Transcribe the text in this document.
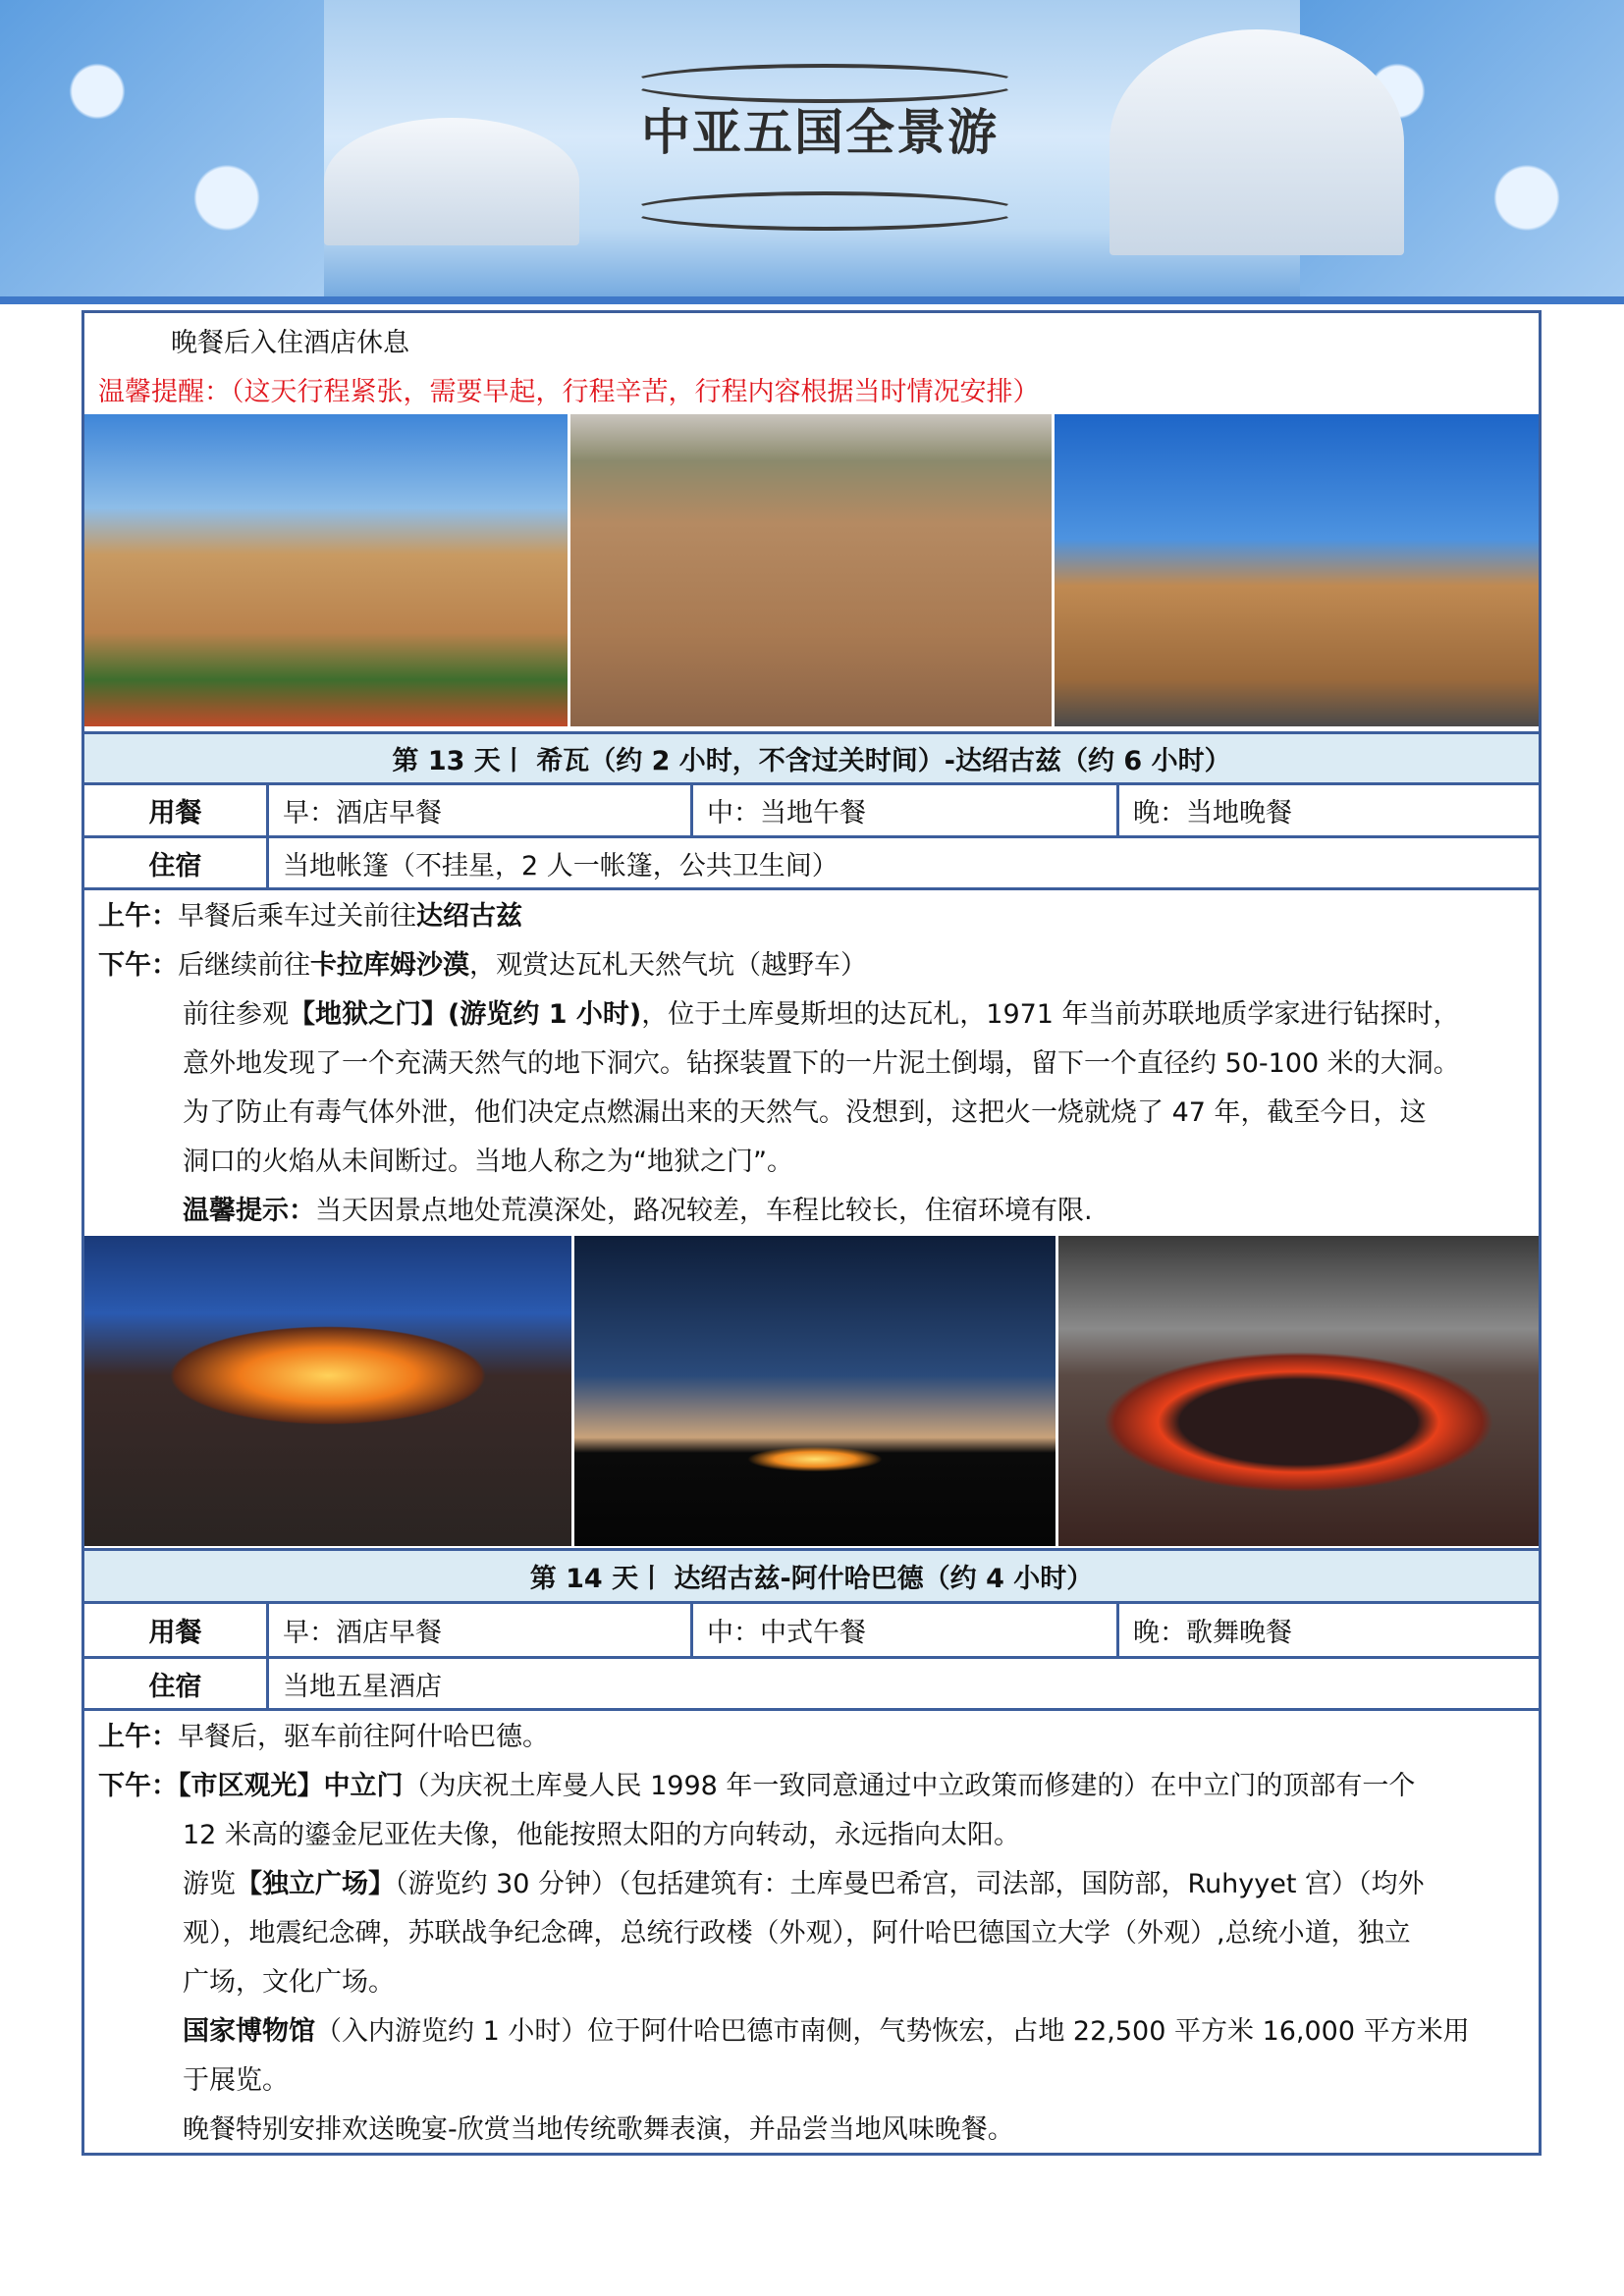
中亚五国全景游
晚餐后入住酒店休息
温馨提醒：（这天行程紧张，需要早起，行程辛苦，行程内容根据当时情况安排）
第 13 天丨 希瓦（约 2 小时，不含过关时间）-达绍古兹（约 6 小时）
用餐	早：酒店早餐	中：当地午餐	晚：当地晚餐
住宿	当地帐篷（不挂星，2 人一帐篷，公共卫生间）
上午：早餐后乘车过关前往达绍古兹
下午：后继续前往卡拉库姆沙漠，观赏达瓦札天然气坑（越野车）
前往参观【地狱之门】(游览约 1 小时)，位于土库曼斯坦的达瓦札，1971 年当前苏联地质学家进行钻探时，
意外地发现了一个充满天然气的地下洞穴。钻探装置下的一片泥土倒塌，留下一个直径约 50-100 米的大洞。
为了防止有毒气体外泄，他们决定点燃漏出来的天然气。没想到，这把火一烧就烧了 47 年，截至今日，这
洞口的火焰从未间断过。当地人称之为“地狱之门”。
温馨提示：当天因景点地处荒漠深处，路况较差，车程比较长，住宿环境有限.
第 14 天丨 达绍古兹-阿什哈巴德（约 4 小时）
用餐	早：酒店早餐	中：中式午餐	晚：歌舞晚餐
住宿	当地五星酒店
上午：早餐后，驱车前往阿什哈巴德。
下午：【市区观光】中立门（为庆祝土库曼人民 1998 年一致同意通过中立政策而修建的）在中立门的顶部有一个
12 米高的鎏金尼亚佐夫像，他能按照太阳的方向转动，永远指向太阳。
游览【独立广场】（游览约 30 分钟）（包括建筑有：土库曼巴希宫，司法部，国防部，Ruhyyet 宫）（均外
观），地震纪念碑，苏联战争纪念碑，总统行政楼（外观），阿什哈巴德国立大学（外观）,总统小道，独立
广场，文化广场。
国家博物馆（入内游览约 1 小时）位于阿什哈巴德市南侧，气势恢宏，占地 22,500 平方米 16,000 平方米用
于展览。
晚餐特别安排欢送晚宴-欣赏当地传统歌舞表演，并品尝当地风味晚餐。
